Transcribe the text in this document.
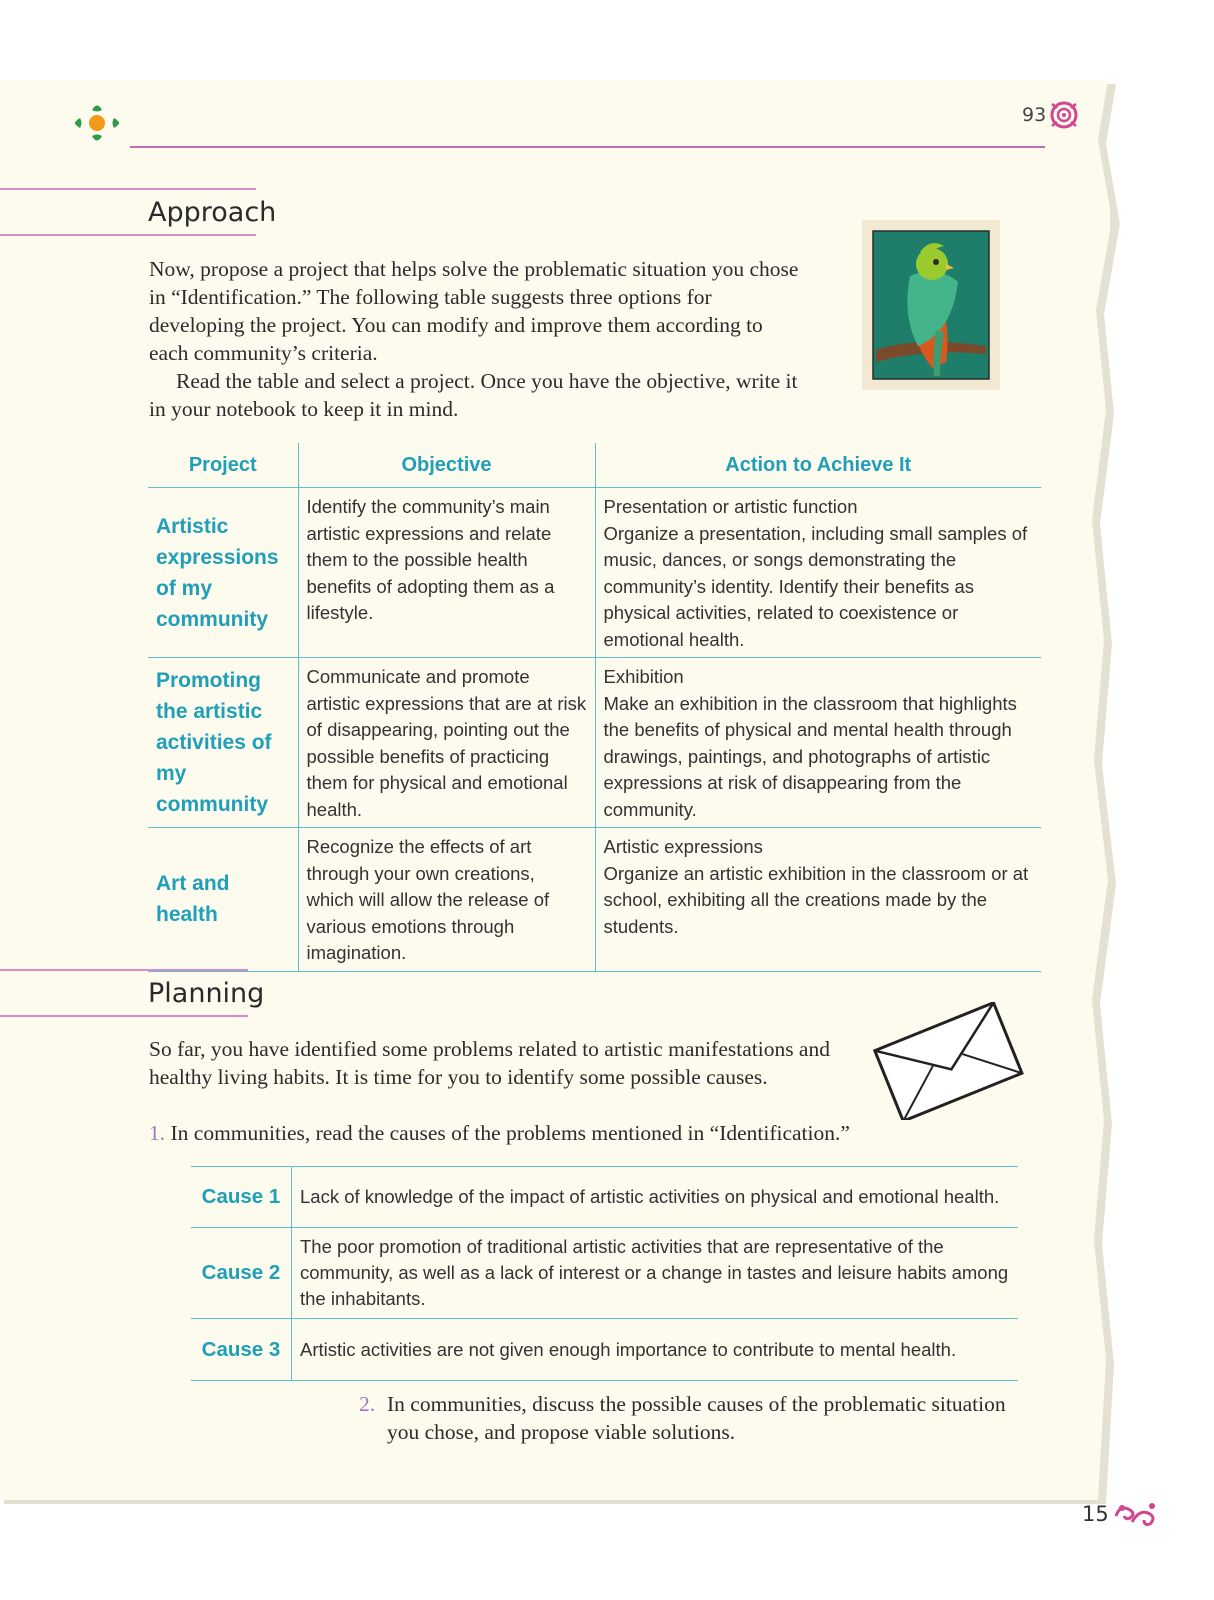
93
Approach
Now, propose a project that helps solve the problematic situation you chose in “Identification.” The following table suggests three options for developing the project. You can modify and improve them according to each community’s criteria.
Read the table and select a project. Once you have the objective, write it in your notebook to keep it in mind.
Project	Objective	Action to Achieve It
Artistic expressions of my community	Identify the community’s main artistic expressions and relate them to the possible health benefits of adopting them as a lifestyle.	Presentation or artistic function
Organize a presentation, including small samples of music, dances, or songs demonstrating the community’s identity. Identify their benefits as physical activities, related to coexistence or emotional health.

Promoting the artistic activities of my community	Communicate and promote artistic expressions that are at risk of disappearing, pointing out the possible benefits of practicing them for physical and emotional health.	Exhibition
Make an exhibition in the classroom that highlights the benefits of physical and mental health through drawings, paintings, and photographs of artistic expressions at risk of disappearing from the community.

Art and health	Recognize the effects of art through your own creations, which will allow the release of various emotions through imagination.	Artistic expressions
Organize an artistic exhibition in the classroom or at school, exhibiting all the creations made by the students.
Planning
So far, you have identified some problems related to artistic manifestations and healthy living habits. It is time for you to identify some possible causes.
1. In communities, read the causes of the problems mentioned in “Identification.”
Cause 1	Lack of knowledge of the impact of artistic activities on physical and emotional health.
Cause 2	The poor promotion of traditional artistic activities that are representative of the community, as well as a lack of interest or a change in tastes and leisure habits among the inhabitants.
Cause 3	Artistic activities are not given enough importance to contribute to mental health.
2. In communities, discuss the possible causes of the problematic situation you chose, and propose viable solutions.
15
